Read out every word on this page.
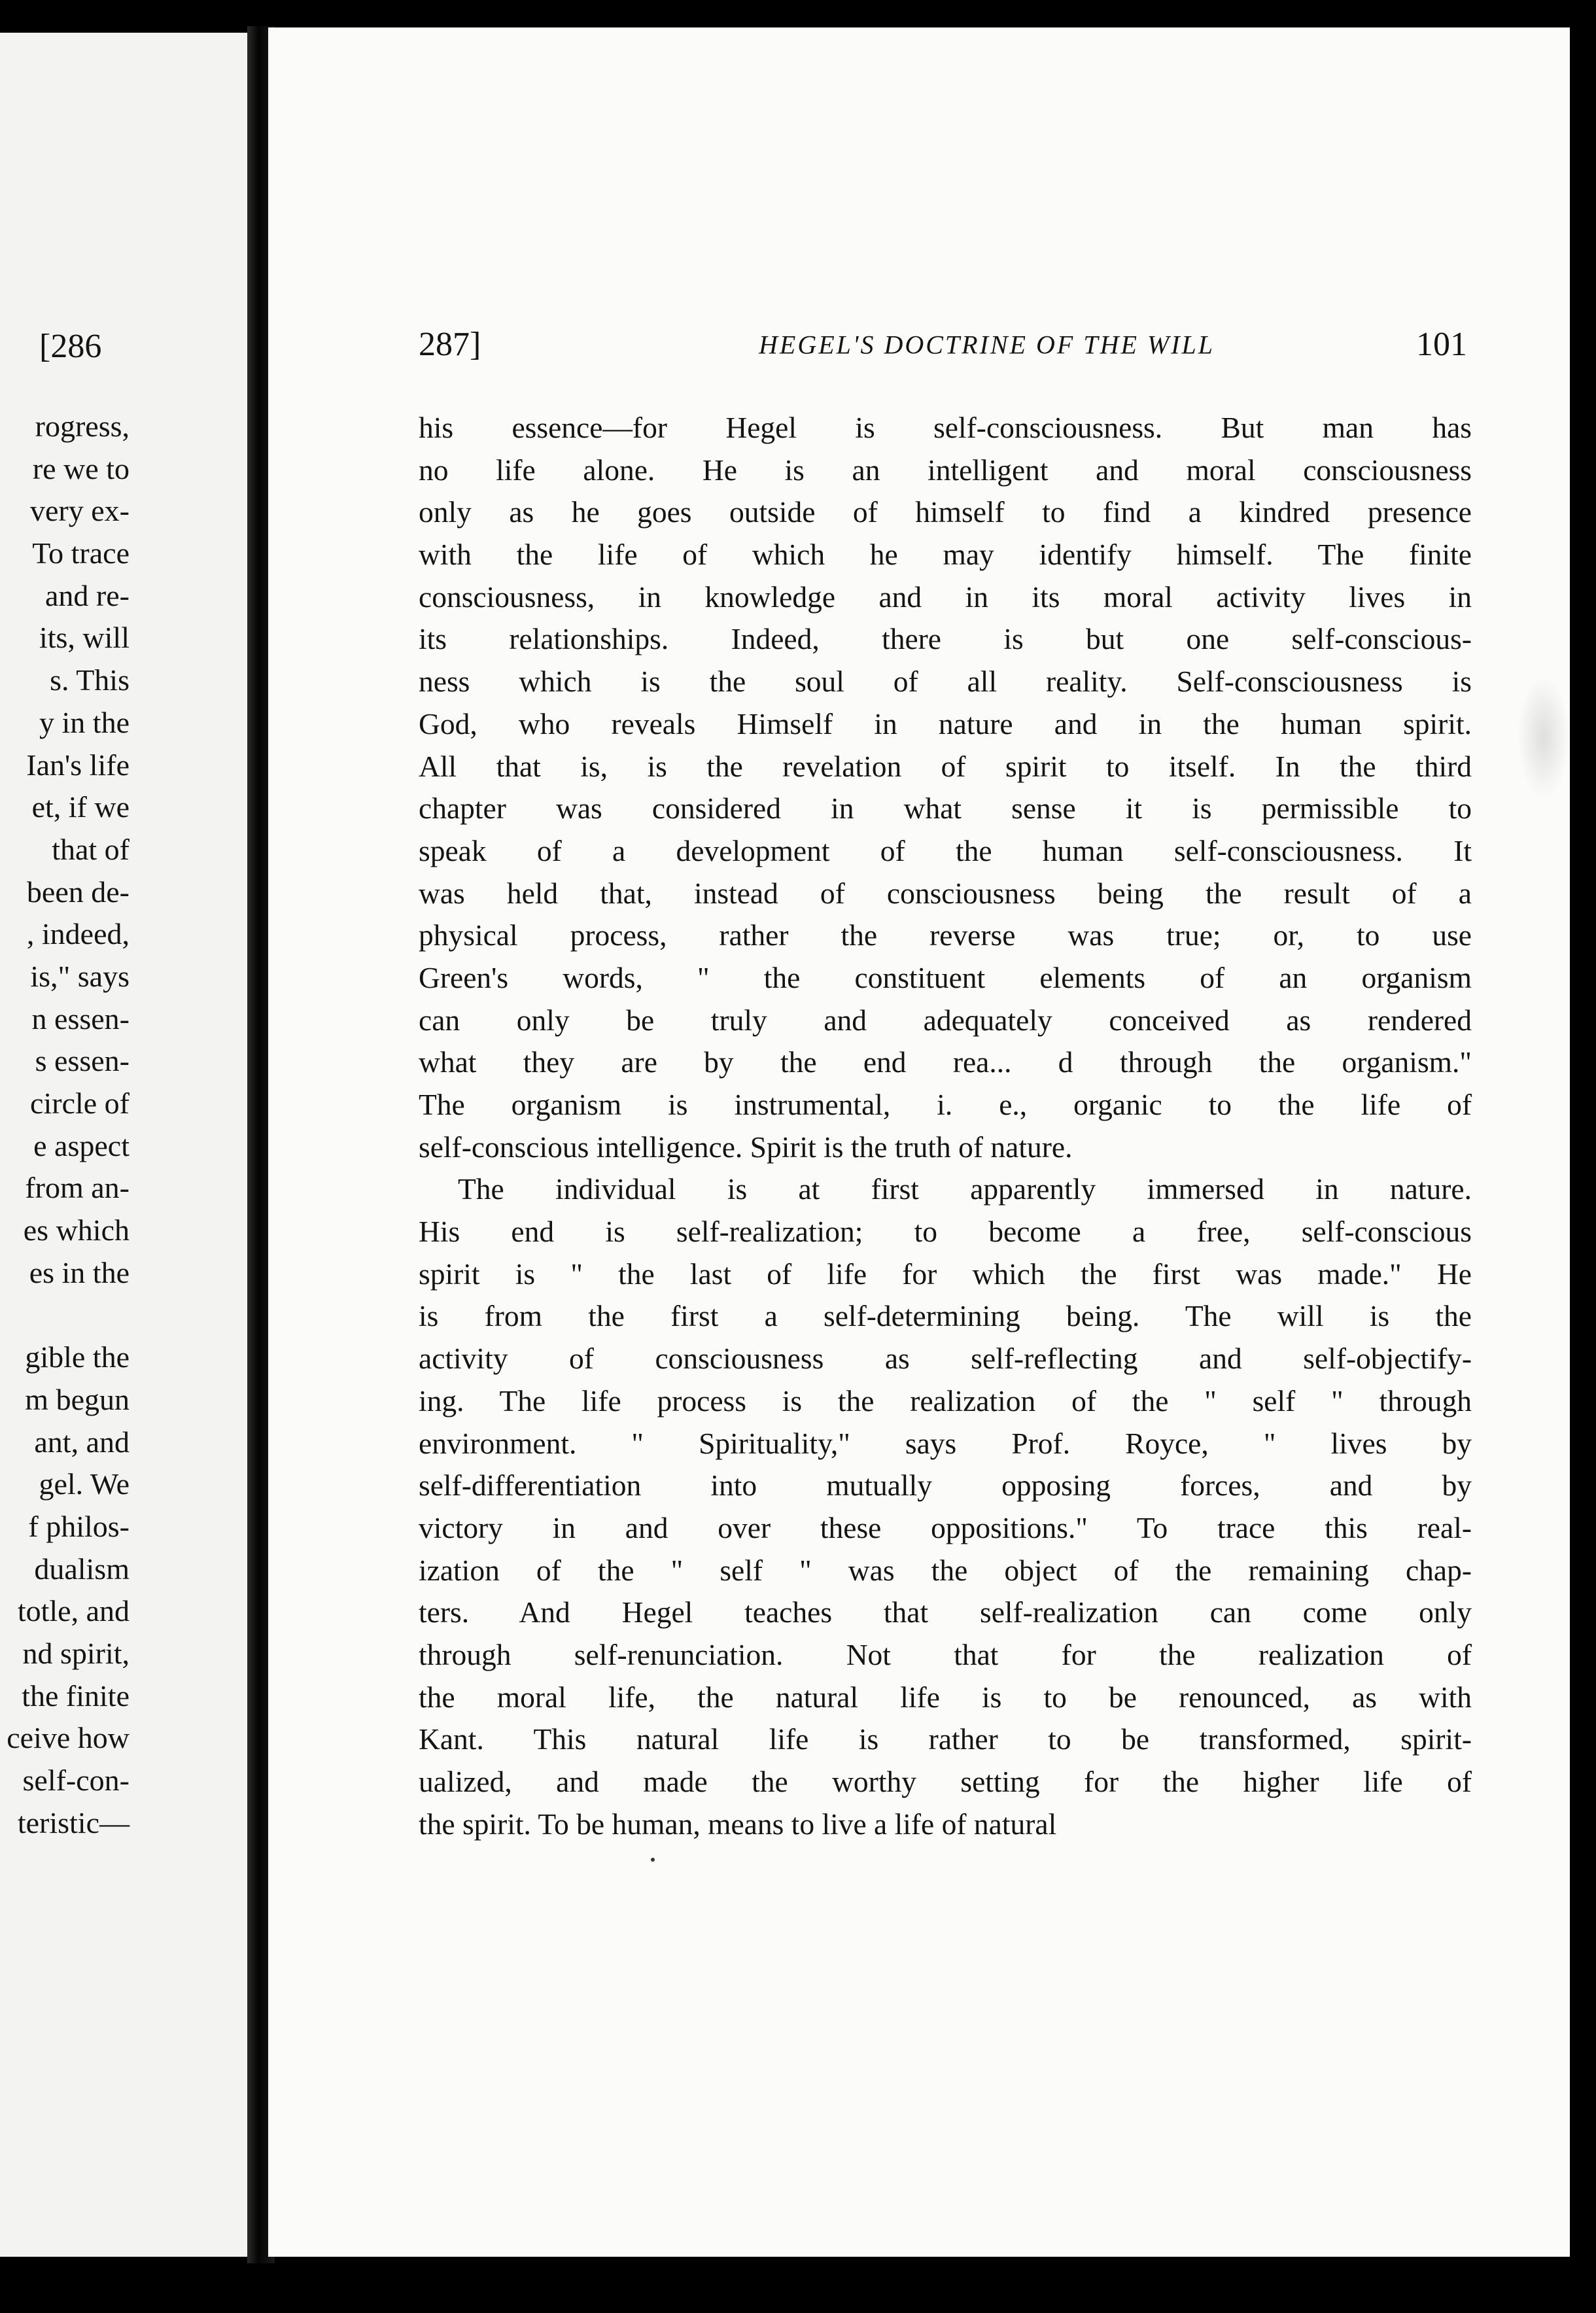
[286
rogress,
re we to
very ex-
To trace
and re-
its, will
s. This
y in the
Ian's life
et, if we
that of
been de-
, indeed,
is," says
n essen-
s essen-
circle of
e aspect
from an-
es which
es in the
gible the
m begun
ant, and
gel. We
f philos-
dualism
totle, and
nd spirit,
the finite
ceive how
self-con-
teristic—
287]	HEGEL'S DOCTRINE OF THE WILL	101
his essence—for Hegel is self-consciousness. But man has
no life alone. He is an intelligent and moral consciousness
only as he goes outside of himself to find a kindred presence
with the life of which he may identify himself. The finite
consciousness, in knowledge and in its moral activity lives in
its relationships. Indeed, there is but one self-conscious-
ness which is the soul of all reality. Self-consciousness is
God, who reveals Himself in nature and in the human spirit.
All that is, is the revelation of spirit to itself. In the third
chapter was considered in what sense it is permissible to
speak of a development of the human self-consciousness. It
was held that, instead of consciousness being the result of a
physical process, rather the reverse was true; or, to use
Green's words, " the constituent elements of an organism
can only be truly and adequately conceived as rendered
what they are by the end rea... d through the organism."
The organism is instrumental, i. e., organic to the life of
self-conscious intelligence. Spirit is the truth of nature.
The individual is at first apparently immersed in nature.
His end is self-realization; to become a free, self-conscious
spirit is " the last of life for which the first was made." He
is from the first a self-determining being. The will is the
activity of consciousness as self-reflecting and self-objectify-
ing. The life process is the realization of the " self " through
environment. " Spirituality," says Prof. Royce, " lives by
self-differentiation into mutually opposing forces, and by
victory in and over these oppositions." To trace this real-
ization of the " self " was the object of the remaining chap-
ters. And Hegel teaches that self-realization can come only
through self-renunciation. Not that for the realization of
the moral life, the natural life is to be renounced, as with
Kant. This natural life is rather to be transformed, spirit-
ualized, and made the worthy setting for the higher life of
the spirit. To be human, means to live a life of natural
